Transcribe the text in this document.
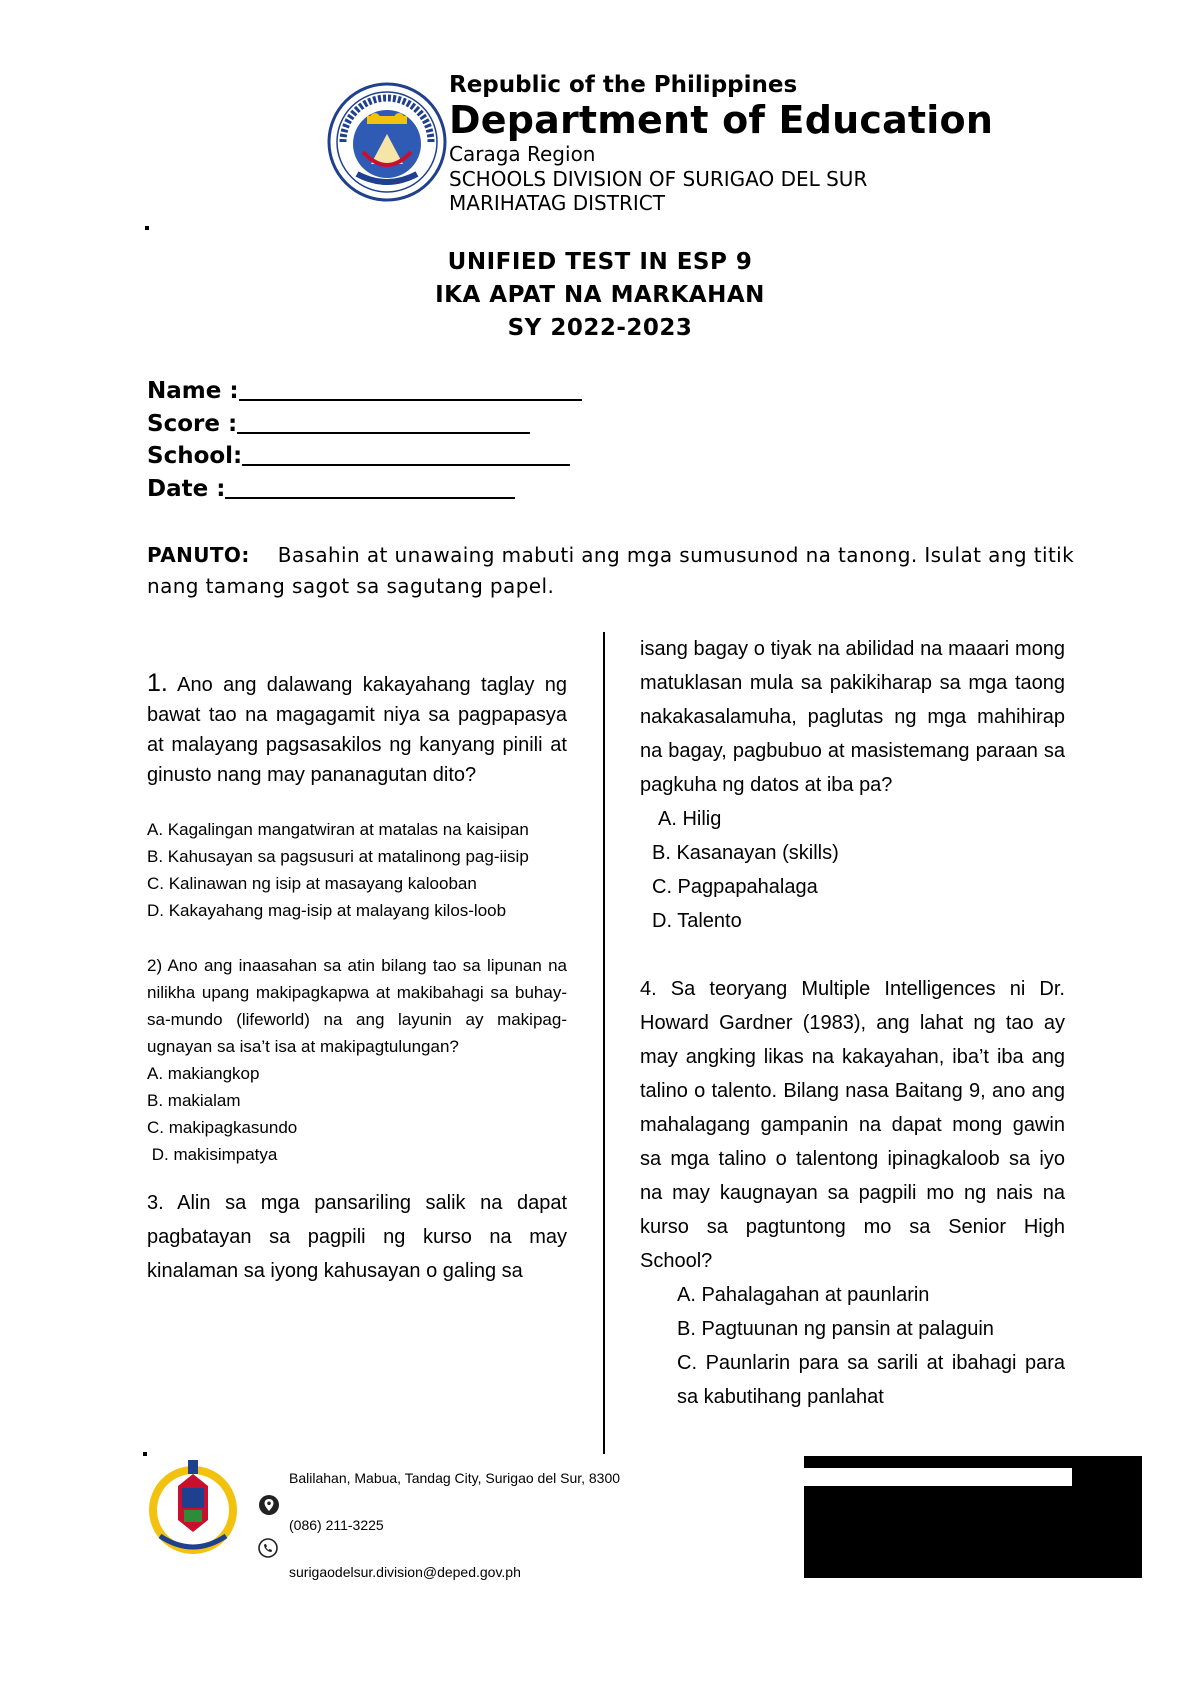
Republic of the Philippines
Department of Education
Caraga Region
SCHOOLS DIVISION OF SURIGAO DEL SUR
MARIHATAG DISTRICT
UNIFIED TEST IN ESP 9
IKA APAT NA MARKAHAN
SY 2022-2023
Name :
Score :
School:
Date :
PANUTO: Basahin at unawaing mabuti ang mga sumusunod na tanong. Isulat ang titik nang tamang sagot sa sagutang papel.

1. Ano ang dalawang kakayahang taglay ng bawat tao na magagamit niya sa pagpapasya at malayang pagsasakilos ng kanyang pinili at ginusto nang may pananagutan dito?

A. Kagalingan mangatwiran at matalas na kaisipan

B. Kahusayan sa pagsusuri at matalinong pag-iisip

C. Kalinawan ng isip at masayang kalooban

D. Kakayahang mag-isip at malayang kilos-loob

2) Ano ang inaasahan sa atin bilang tao sa lipunan na nilikha upang makipagkapwa at makibahagi sa buhay-sa-mundo (lifeworld) na ang layunin ay makipag-ugnayan sa isa’t isa at makipagtulungan?

A. makiangkop

B. makialam

C. makipagkasundo

D. makisimpatya

3. Alin sa mga pansariling salik na dapat pagbatayan sa pagpili ng kurso na may kinalaman sa iyong kahusayan o galing sa

isang bagay o tiyak na abilidad na maaari mong matuklasan mula sa pakikiharap sa mga taong nakakasalamuha, paglutas ng mga mahihirap na bagay, pagbubuo at masistemang paraan sa pagkuha ng datos at iba pa?

A. Hilig

B. Kasanayan (skills)

C. Pagpapahalaga

D. Talento

4. Sa teoryang Multiple Intelligences ni Dr. Howard Gardner (1983), ang lahat ng tao ay may angking likas na kakayahan, iba’t iba ang talino o talento. Bilang nasa Baitang 9, ano ang mahalagang gampanin na dapat mong gawin sa mga talino o talentong ipinagkaloob sa iyo na may kaugnayan sa pagpili mo ng nais na kurso sa pagtuntong mo sa Senior High School?

A. Pahalagahan at paunlarin

B. Pagtuunan ng pansin at palaguin

C. Paunlarin para sa sarili at ibahagi para sa kabutihang panlahat

Balilahan, Mabua, Tandag City, Surigao del Sur, 8300
(086) 211-3225
surigaodelsur.division@deped.gov.ph
